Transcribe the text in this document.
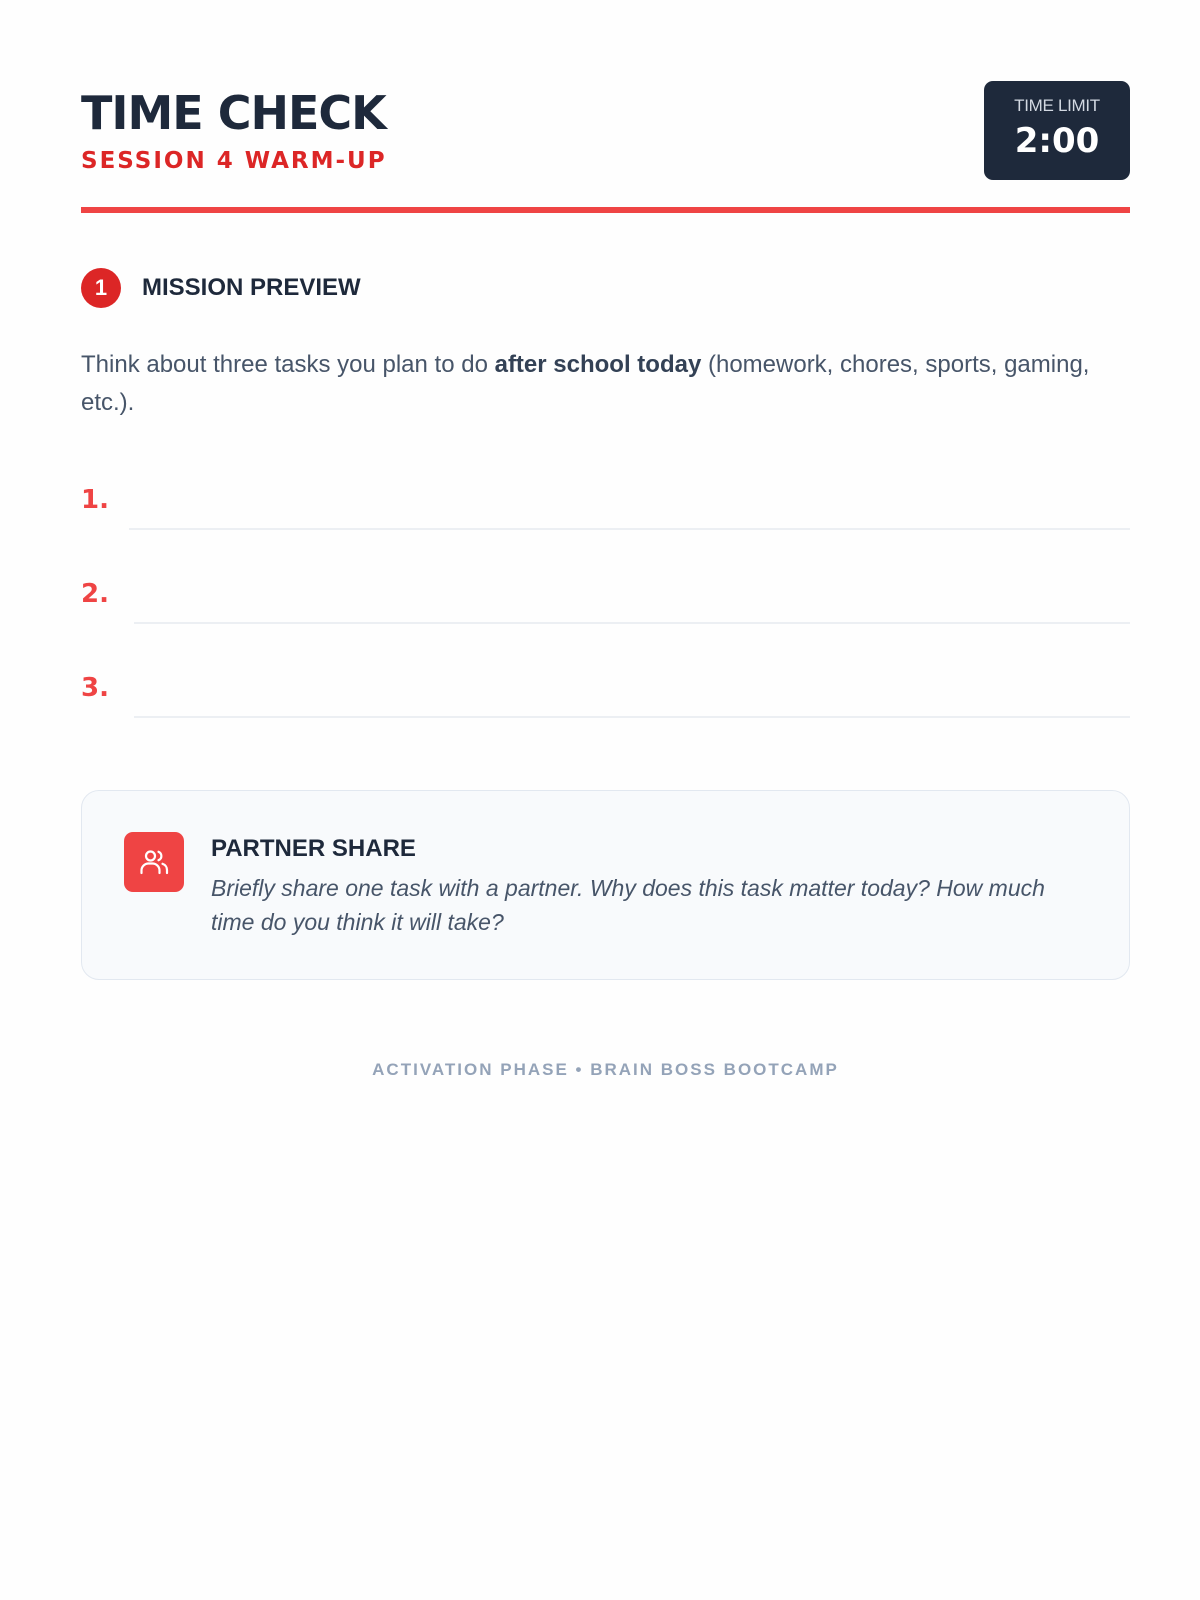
TIME CHECK
SESSION 4 WARM-UP
TIME LIMIT
2:00
1	MISSION PREVIEW

Think about three tasks you plan to do after school today (homework, chores, sports, gaming, etc.).

1.
2.
3.
PARTNER SHARE

Briefly share one task with a partner. Why does this task matter today? How much time do you think it will take?

ACTIVATION PHASE • BRAIN BOSS BOOTCAMP
